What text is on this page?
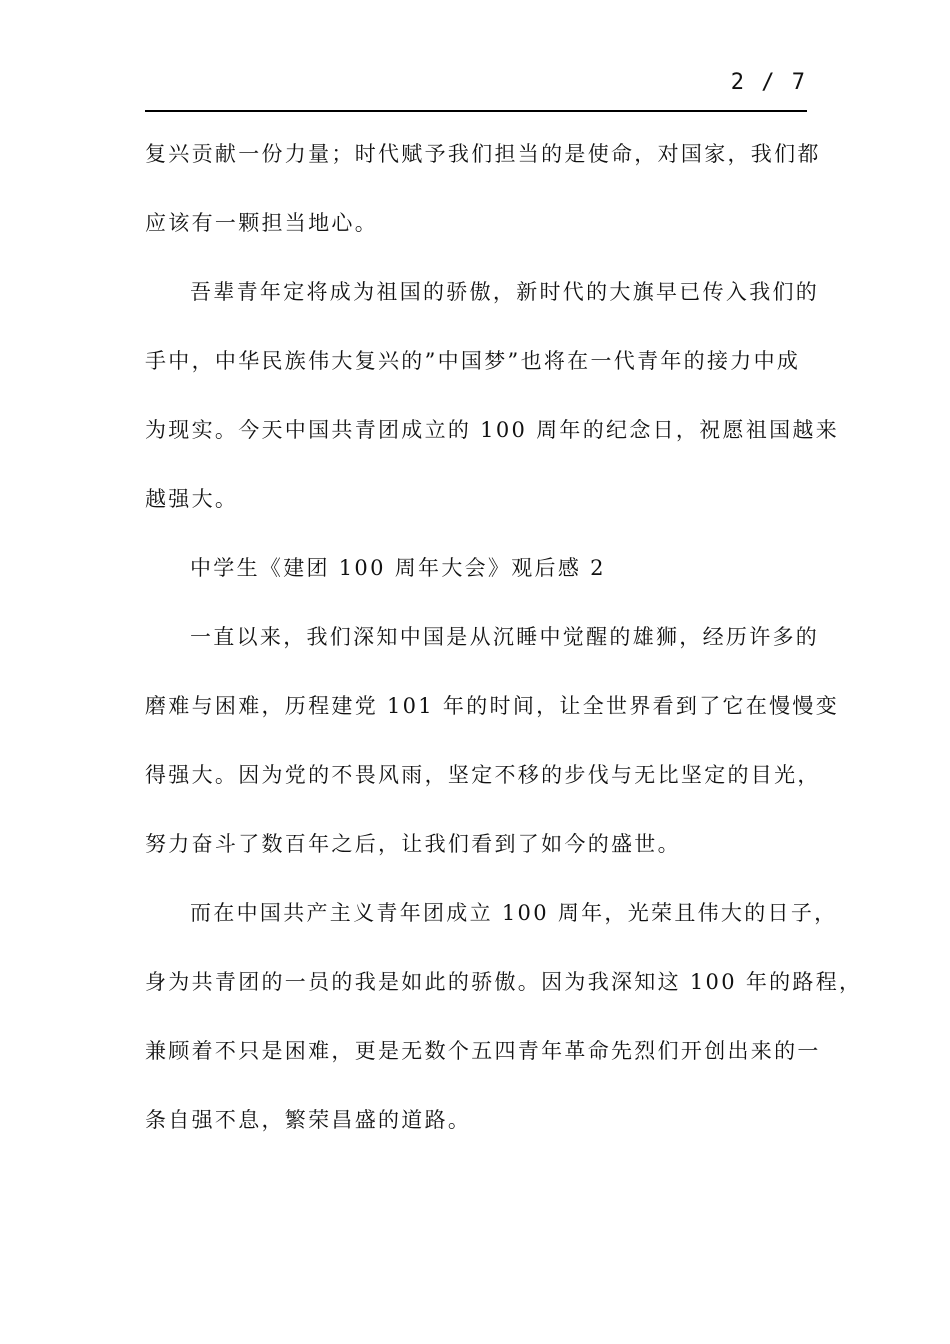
2 / 7
复兴贡献一份力量；时代赋予我们担当的是使命，对国家，我们都
应该有一颗担当地心。
吾辈青年定将成为祖国的骄傲，新时代的大旗早已传入我们的
手中，中华民族伟大复兴的”中国梦”也将在一代青年的接力中成
为现实。今天中国共青团成立的 100 周年的纪念日，祝愿祖国越来
越强大。
中学生《建团 100 周年大会》观后感 2
一直以来，我们深知中国是从沉睡中觉醒的雄狮，经历许多的
磨难与困难，历程建党 101 年的时间，让全世界看到了它在慢慢变
得强大。因为党的不畏风雨，坚定不移的步伐与无比坚定的目光，
努力奋斗了数百年之后，让我们看到了如今的盛世。
而在中国共产主义青年团成立 100 周年，光荣且伟大的日子，
身为共青团的一员的我是如此的骄傲。因为我深知这 100 年的路程，
兼顾着不只是困难，更是无数个五四青年革命先烈们开创出来的一
条自强不息，繁荣昌盛的道路。
